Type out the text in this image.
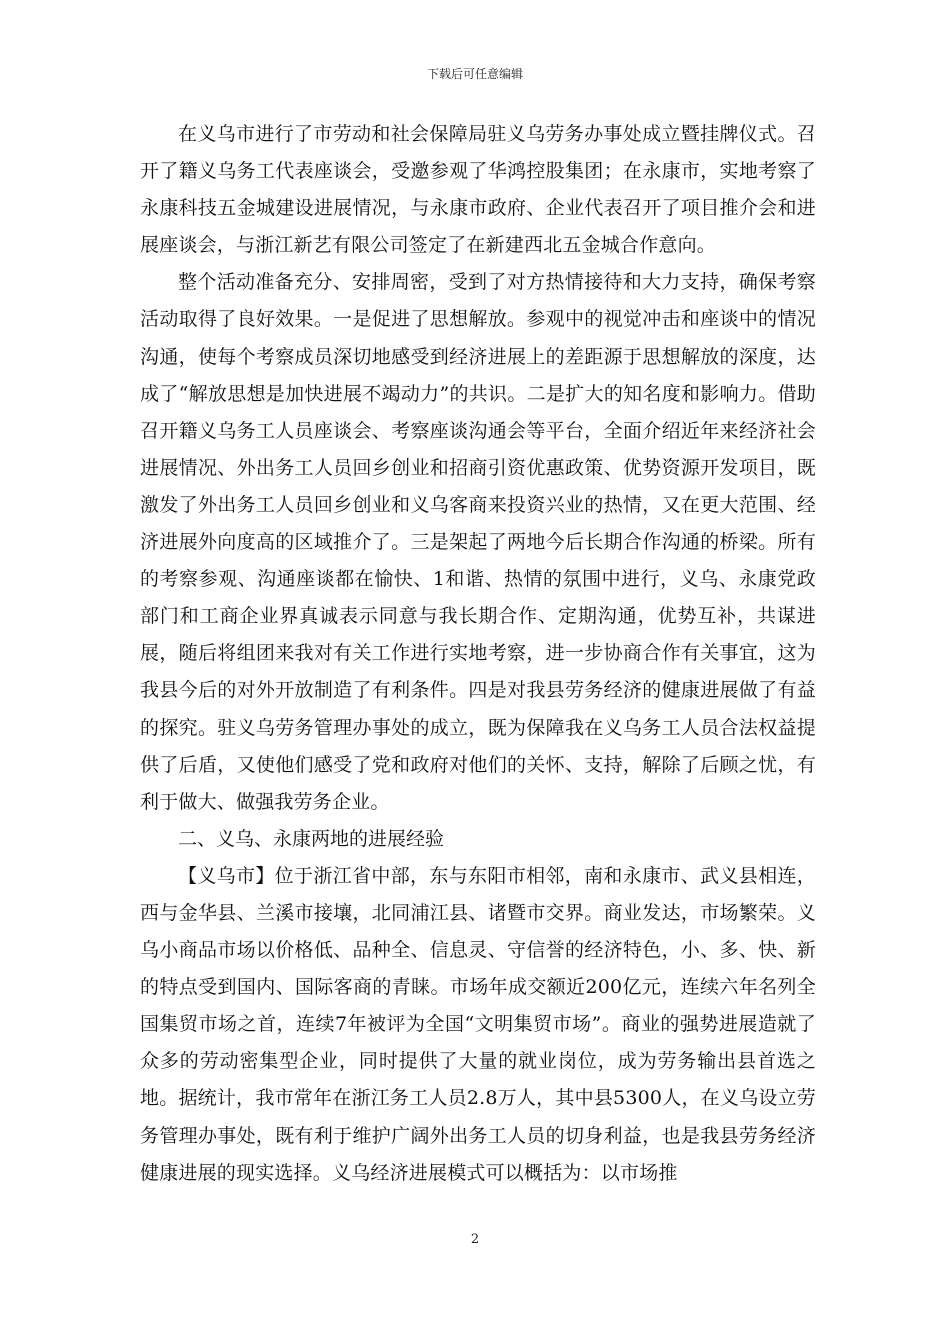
下载后可任意编辑

在义乌市进行了市劳动和社会保障局驻义乌劳务办事处成立暨挂牌仪式。召开了籍义乌务工代表座谈会，受邀参观了华鸿控股集团；在永康市，实地考察了永康科技五金城建设进展情况，与永康市政府、企业代表召开了项目推介会和进展座谈会，与浙江新艺有限公司签定了在新建西北五金城合作意向。

整个活动准备充分、安排周密，受到了对方热情接待和大力支持，确保考察活动取得了良好效果。一是促进了思想解放。参观中的视觉冲击和座谈中的情况沟通，使每个考察成员深切地感受到经济进展上的差距源于思想解放的深度，达成了“解放思想是加快进展不竭动力”的共识。二是扩大的知名度和影响力。借助召开籍义乌务工人员座谈会、考察座谈沟通会等平台，全面介绍近年来经济社会进展情况、外出务工人员回乡创业和招商引资优惠政策、优势资源开发项目，既激发了外出务工人员回乡创业和义乌客商来投资兴业的热情，又在更大范围、经济进展外向度高的区域推介了。三是架起了两地今后长期合作沟通的桥梁。所有的考察参观、沟通座谈都在愉快、1和谐、热情的氛围中进行，义乌、永康党政部门和工商企业界真诚表示同意与我长期合作、定期沟通，优势互补，共谋进展，随后将组团来我对有关工作进行实地考察，进一步协商合作有关事宜，这为我县今后的对外开放制造了有利条件。四是对我县劳务经济的健康进展做了有益的探究。驻义乌劳务管理办事处的成立，既为保障我在义乌务工人员合法权益提供了后盾，又使他们感受了党和政府对他们的关怀、支持，解除了后顾之忧，有利于做大、做强我劳务企业。

二、义乌、永康两地的进展经验

【义乌市】位于浙江省中部，东与东阳市相邻，南和永康市、武义县相连，西与金华县、兰溪市接壤，北同浦江县、诸暨市交界。商业发达，市场繁荣。义乌小商品市场以价格低、品种全、信息灵、守信誉的经济特色，小、多、快、新的特点受到国内、国际客商的青睐。市场年成交额近200亿元，连续六年名列全国集贸市场之首，连续7年被评为全国“文明集贸市场”。商业的强势进展造就了众多的劳动密集型企业，同时提供了大量的就业岗位，成为劳务输出县首选之地。据统计，我市常年在浙江务工人员2.8万人，其中县5300人，在义乌设立劳务管理办事处，既有利于维护广阔外出务工人员的切身利益，也是我县劳务经济健康进展的现实选择。义乌经济进展模式可以概括为：以市场推

2
